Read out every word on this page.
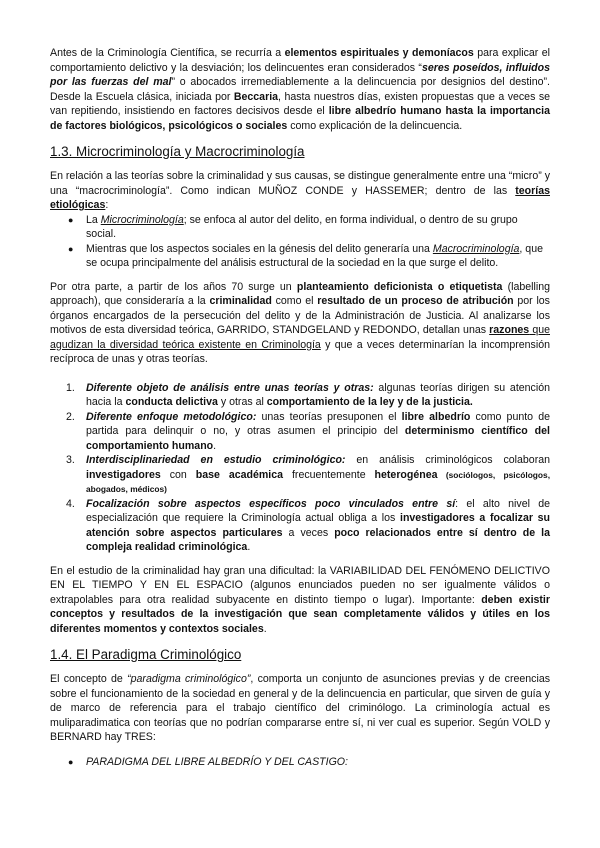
Antes de la Criminología Científica, se recurría a elementos espirituales y demoníacos para explicar el comportamiento delictivo y la desviación; los delincuentes eran considerados “seres poseídos, influidos por las fuerzas del mal” o abocados irremediablemente a la delincuencia por designios del destino”. Desde la Escuela clásica, iniciada por Beccaria, hasta nuestros días, existen propuestas que a veces se van repitiendo, insistiendo en factores decisivos desde el libre albedrío humano hasta la importancia de factores biológicos, psicológicos o sociales como explicación de la delincuencia.

1.3. Microcriminología y Macrocriminología

En relación a las teorías sobre la criminalidad y sus causas, se distingue generalmente entre una “micro” y una “macrocriminología”. Como indican MUÑOZ CONDE y HASSEMER; dentro de las teorías etiológicas:

● La Microcriminología; se enfoca al autor del delito, en forma individual, o dentro de su grupo social.
● Mientras que los aspectos sociales en la génesis del delito generaría una Macrocriminología, que se ocupa principalmente del análisis estructural de la sociedad en la que surge el delito.

Por otra parte, a partir de los años 70 surge un planteamiento deficionista o etiquetista (labelling approach), que consideraría a la criminalidad como el resultado de un proceso de atribución por los órganos encargados de la persecución del delito y de la Administración de Justicia. Al analizarse los motivos de esta diversidad teórica, GARRIDO, STANDGELAND y REDONDO, detallan unas razones que agudizan la diversidad teórica existente en Criminología y que a veces determinarían la incomprensión recíproca de unas y otras teorías.

1. Diferente objeto de análisis entre unas teorías y otras: algunas teorías dirigen su atención hacia la conducta delictiva y otras al comportamiento de la ley y de la justicia.
2. Diferente enfoque metodológico: unas teorías presuponen el libre albedrío como punto de partida para delinquir o no, y otras asumen el principio del determinismo científico del comportamiento humano.
3. Interdisciplinariedad en estudio criminológico: en análisis criminológicos colaboran investigadores con base académica frecuentemente heterogénea (sociólogos, psicólogos, abogados, médicos)
4. Focalización sobre aspectos específicos poco vinculados entre sí: el alto nivel de especialización que requiere la Criminología actual obliga a los investigadores a focalizar su atención sobre aspectos particulares a veces poco relacionados entre sí dentro de la compleja realidad criminológica.

En el estudio de la criminalidad hay gran una dificultad: la VARIABILIDAD DEL FENÓMENO DELICTIVO EN EL TIEMPO Y EN EL ESPACIO (algunos enunciados pueden no ser igualmente válidos o extrapolables para otra realidad subyacente en distinto tiempo o lugar). Importante: deben existir conceptos y resultados de la investigación que sean completamente válidos y útiles en los diferentes momentos y contextos sociales.

1.4. El Paradigma Criminológico

El concepto de “paradigma criminológico”, comporta un conjunto de asunciones previas y de creencias sobre el funcionamiento de la sociedad en general y de la delincuencia en particular, que sirven de guía y de marco de referencia para el trabajo científico del criminólogo. La criminología actual es muliparadimatica con teorías que no podrían compararse entre sí, ni ver cual es superior. Según VOLD y BERNARD hay TRES:

● PARADIGMA DEL LIBRE ALBEDRÍO Y DEL CASTIGO:
